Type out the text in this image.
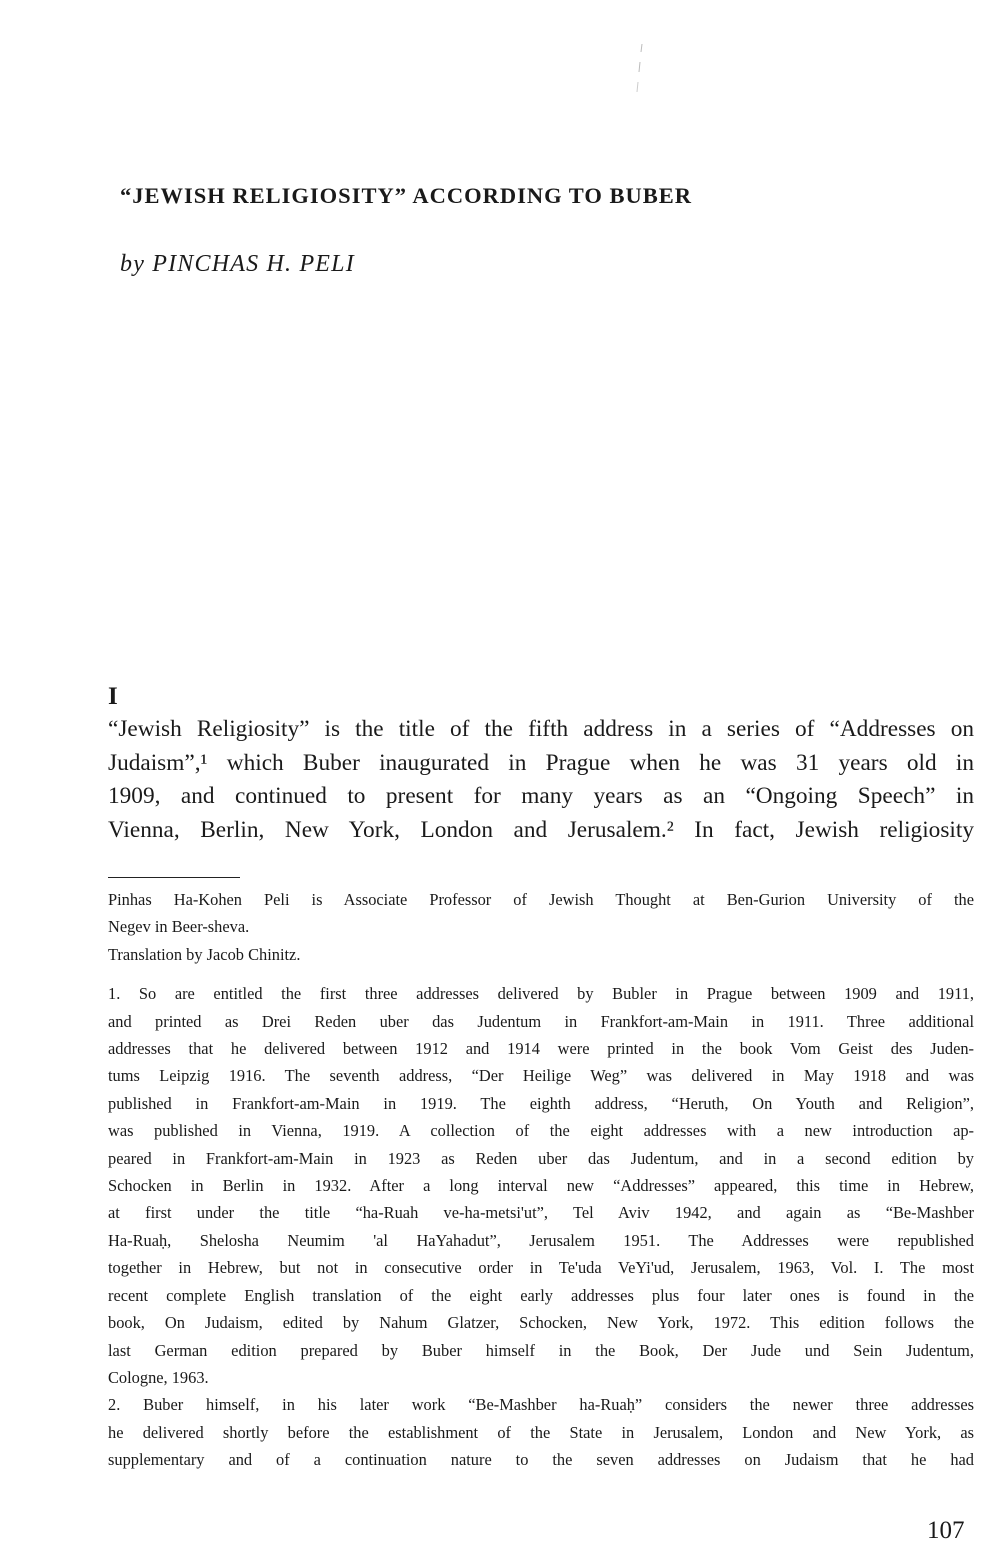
“JEWISH RELIGIOSITY” ACCORDING TO BUBER

by PINCHAS H. PELI

I
“Jewish Religiosity” is the title of the fifth address in a series of “Addresses on
Judaism”,¹ which Buber inaugurated in Prague when he was 31 years old in
1909, and continued to present for many years as an “Ongoing Speech” in
Vienna, Berlin, New York, London and Jerusalem.² In fact, Jewish religiosity
Pinhas Ha-Kohen Peli is Associate Professor of Jewish Thought at Ben-Gurion University of the
Negev in Beer-sheva.
Translation by Jacob Chinitz.
1. So are entitled the first three addresses delivered by Bubler in Prague between 1909 and 1911,
and printed as Drei Reden uber das Judentum in Frankfort-am-Main in 1911. Three additional
addresses that he delivered between 1912 and 1914 were printed in the book Vom Geist des Juden-
tums Leipzig 1916. The seventh address, “Der Heilige Weg” was delivered in May 1918 and was
published in Frankfort-am-Main in 1919. The eighth address, “Heruth, On Youth and Religion”,
was published in Vienna, 1919. A collection of the eight addresses with a new introduction ap-
peared in Frankfort-am-Main in 1923 as Reden uber das Judentum, and in a second edition by
Schocken in Berlin in 1932. After a long interval new “Addresses” appeared, this time in Hebrew,
at first under the title “ha-Ruah ve-ha-metsi'ut”, Tel Aviv 1942, and again as “Be-Mashber
Ha-Ruaḥ, Shelosha Neumim 'al HaYahadut”, Jerusalem 1951. The Addresses were republished
together in Hebrew, but not in consecutive order in Te'uda VeYi'ud, Jerusalem, 1963, Vol. I. The most
recent complete English translation of the eight early addresses plus four later ones is found in the
book, On Judaism, edited by Nahum Glatzer, Schocken, New York, 1972. This edition follows the
last German edition prepared by Buber himself in the Book, Der Jude und Sein Judentum,
Cologne, 1963.
2. Buber himself, in his later work “Be-Mashber ha-Ruaḥ” considers the newer three addresses
he delivered shortly before the establishment of the State in Jerusalem, London and New York, as
supplementary and of a continuation nature to the seven addresses on Judaism that he had
107
